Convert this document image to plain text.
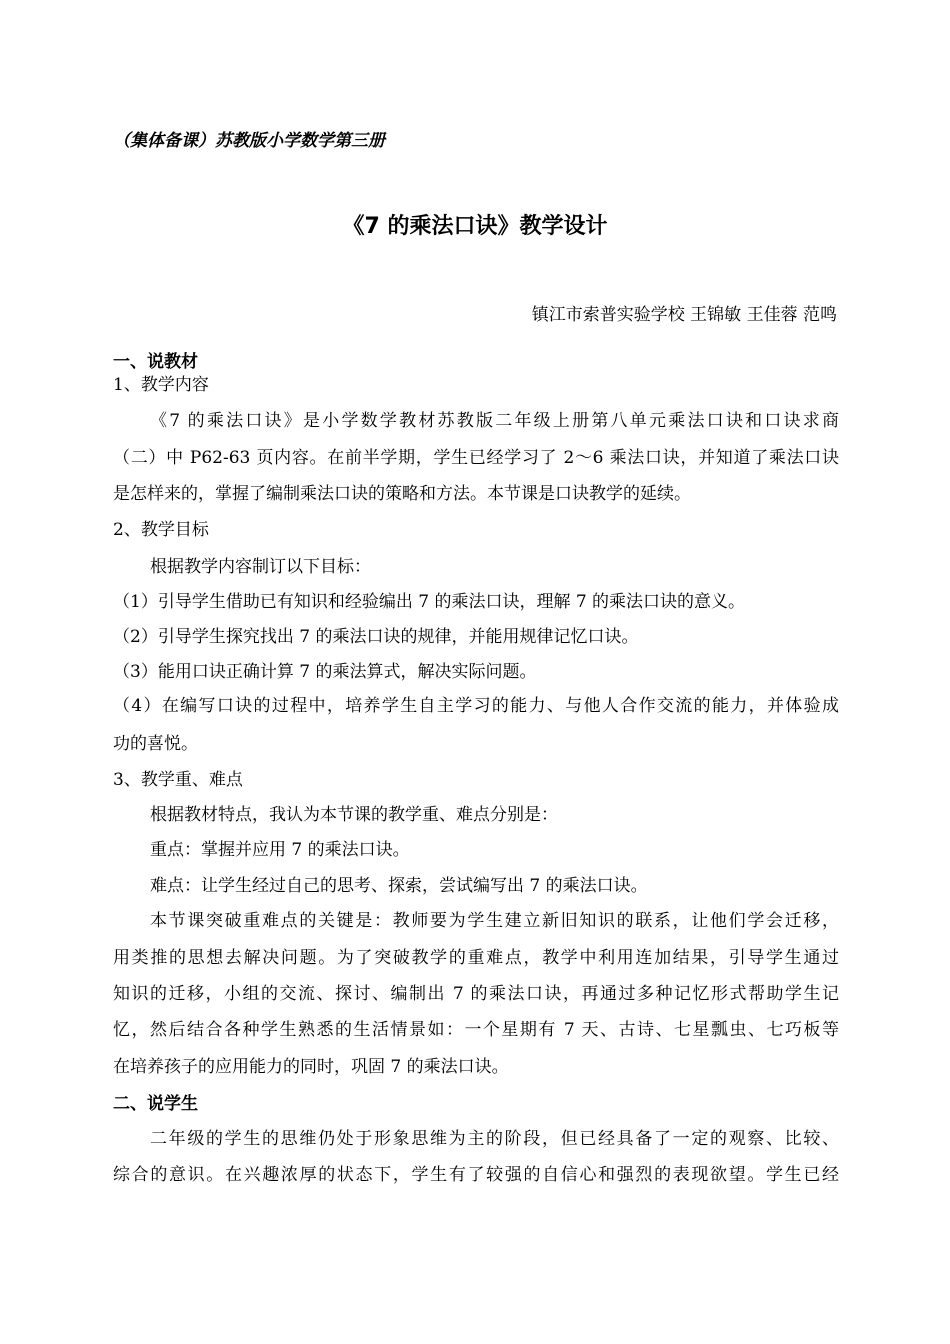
（集体备课）苏教版小学数学第三册
《7 的乘法口诀》教学设计
镇江市索普实验学校 王锦敏 王佳蓉 范鸣
一、说教材
1、教学内容
《7 的乘法口诀》是小学数学教材苏教版二年级上册第八单元乘法口诀和口诀求商
（二）中 P62-63 页内容。在前半学期，学生已经学习了 2～6 乘法口诀，并知道了乘法口诀
是怎样来的，掌握了编制乘法口诀的策略和方法。本节课是口诀教学的延续。
2、教学目标
根据教学内容制订以下目标：
（1）引导学生借助已有知识和经验编出 7 的乘法口诀，理解 7 的乘法口诀的意义。
（2）引导学生探究找出 7 的乘法口诀的规律，并能用规律记忆口诀。
（3）能用口诀正确计算 7 的乘法算式，解决实际问题。
（4）在编写口诀的过程中，培养学生自主学习的能力、与他人合作交流的能力，并体验成
功的喜悦。
3、教学重、难点
根据教材特点，我认为本节课的教学重、难点分别是：
重点：掌握并应用 7 的乘法口诀。
难点：让学生经过自己的思考、探索，尝试编写出 7 的乘法口诀。
本节课突破重难点的关键是：教师要为学生建立新旧知识的联系，让他们学会迁移，
用类推的思想去解决问题。为了突破教学的重难点，教学中利用连加结果，引导学生通过
知识的迁移，小组的交流、探讨、编制出 7 的乘法口诀，再通过多种记忆形式帮助学生记
忆，然后结合各种学生熟悉的生活情景如：一个星期有 7 天、古诗、七星瓢虫、七巧板等
在培养孩子的应用能力的同时，巩固 7 的乘法口诀。
二、说学生
二年级的学生的思维仍处于形象思维为主的阶段，但已经具备了一定的观察、比较、
综合的意识。在兴趣浓厚的状态下，学生有了较强的自信心和强烈的表现欲望。学生已经
